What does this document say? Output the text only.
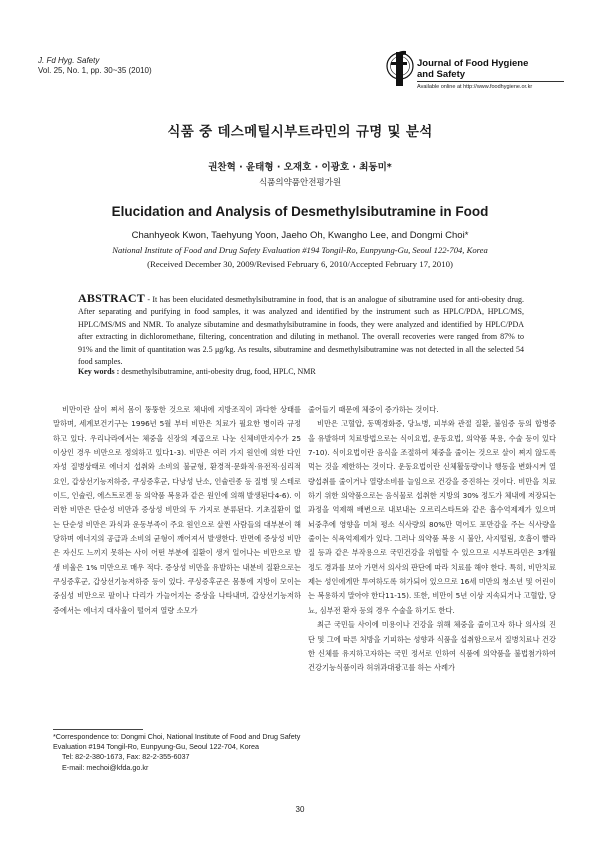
J. Fd Hyg. Safety
Vol. 25, No. 1, pp. 30~35 (2010)
Journal of Food Hygiene
and Safety
Available online at http://www.foodhygiene.or.kr
식품 중 데스메틸시부트라민의 규명 및 분석
권찬혁 · 윤태형 · 오재호 · 이광호 · 최동미*
식품의약품안전평가원
Elucidation and Analysis of Desmethylsibutramine in Food
Chanhyeok Kwon, Taehyung Yoon, Jaeho Oh, Kwangho Lee, and Dongmi Choi*
National Institute of Food and Drug Safety Evaluation #194 Tongil-Ro, Eunpyung-Gu, Seoul 122-704, Korea
(Received December 30, 2009/Revised February 6, 2010/Accepted February 17, 2010)
ABSTRACT - It has been elucidated desmethylsibutramine in food, that is an analogue of sibutramine used for anti-obesity drug. After separating and purifying in food samples, it was analyzed and identified by the instrument such as HPLC/PDA, HPLC/MS, HPLC/MS/MS and NMR. To analyze sibutamine and desmathylsibutramine in foods, they were analyzed and identified by HPLC/PDA after extracting in dichloromethane, filtering, concentration and diluting in methanol. The overall recoveries were ranged from 87% to 91% and the limit of quantitation was 2.5 μg/kg. As results, sibutramine and desmethylsibutramine was not detected in all the selected 54 food samples.
Key words : desmethylsibutramine, anti-obesity drug, food, HPLC, NMR

비만이란 살이 쪄서 몸이 뚱뚱한 것으로 체내에 지방조직이 과다한 상태를 말하며, 세계보건기구는 1996년 5월 부터 비만은 치료가 필요한 병이라 규정하고 있다. 우리나라에서는 체중을 신장의 제곱으로 나눈 신체비만지수가 25 이상인 경우 비만으로 정의하고 있다1-3). 비만은 여러 가지 원인에 의한 다인자성 질병상태로 에너지 섭취와 소비의 불균형, 환경적·문화적·유전적·심리적 요인, 갑상선기능저하증, 쿠싱증후군, 다낭성 난소, 인슐린종 등 질병 및 스테로이드, 인슐린, 에스트로겐 등 의약품 복용과 같은 원인에 의해 발생된다4-6). 이러한 비만은 단순성 비만과 증상성 비만의 두 가지로 분류된다. 기초질환이 없는 단순성 비만은 과식과 운동부족이 주요 원인으로 살찐 사람들의 대부분이 해당하며 에너지의 공급과 소비의 균형이 깨어져서 발생한다. 반면에 증상성 비만은 자신도 느끼지 못하는 사이 어떤 부분에 질환이 생겨 일어나는 비만으로 발생 비율은 1% 미만으로 매우 적다. 증상성 비만을 유발하는 내분비 질환으로는 쿠싱증후군, 갑상선기능저하증 등이 있다. 쿠싱증후군은 몸통에 지방이 모이는 중심성 비만으로 팔이나 다리가 가늘어지는 증상을 나타내며, 갑상선기능저하증에서는 에너지 대사율이 떨어져 열량 소모가

줄어들기 때문에 체중이 증가하는 것이다.

비만은 고혈압, 동맥경화증, 당뇨병, 피부와 관절 질환, 불임증 등의 합병증을 유발하며 치료방법으로는 식이요법, 운동요법, 의약품 복용, 수술 등이 있다7-10). 식이요법이란 음식을 조절하여 체중을 줄이는 것으로 살이 쪄지 않도록 먹는 것을 제한하는 것이다. 운동요법이란 신체활동량이나 행동을 변화시켜 열량섭취를 줄이거나 열량소비를 늘임으로 건강을 증진하는 것이다. 비만을 치료하기 위한 의약품으로는 음식물로 섭취한 지방의 30% 정도가 체내에 저장되는 과정을 억제해 배변으로 내보내는 오르리스타트와 같은 흡수억제제가 있으며 뇌중추에 영향을 미쳐 평소 식사량의 80%만 먹어도 포만감을 주는 식사량을 줄이는 식욕억제제가 있다. 그러나 의약품 복용 시 불안, 사지떨림, 호흡이 빨라질 등과 같은 부작용으로 국민건강을 위협할 수 있으므로 시부트라민은 3개월 정도 경과를 보아 가면서 의사의 판단에 따라 치료를 해야 한다. 특히, 비만치료제는 성인에게만 투여하도록 허가되어 있으므로 16세 미만의 청소년 및 어린이는 복용하지 말아야 한다11-15). 또한, 비만이 5년 이상 지속되거나 고혈압, 당뇨, 심부전 환자 등의 경우 수술을 하기도 한다.

최근 국민들 사이에 미용이나 건강을 위해 체중을 줄이고자 하나 의사의 진단 및 그에 따른 처방을 기피하는 성향과 식품을 섭취함으로서 질병치료나 건강한 신체를 유지하고자하는 국민 정서로 인하여 식품에 의약품을 불법첨가하여 건강기능식품이라 허위과대광고를 하는 사례가

*Correspondence to: Dongmi Choi, National Institute of Food and Drug Safety Evaluation #194 Tongil-Ro, Eunpyung-Gu, Seoul 122-704, Korea
Tel: 82-2-380-1673, Fax: 82-2-355-6037
E-mail: mechoi@kfda.go.kr
30
